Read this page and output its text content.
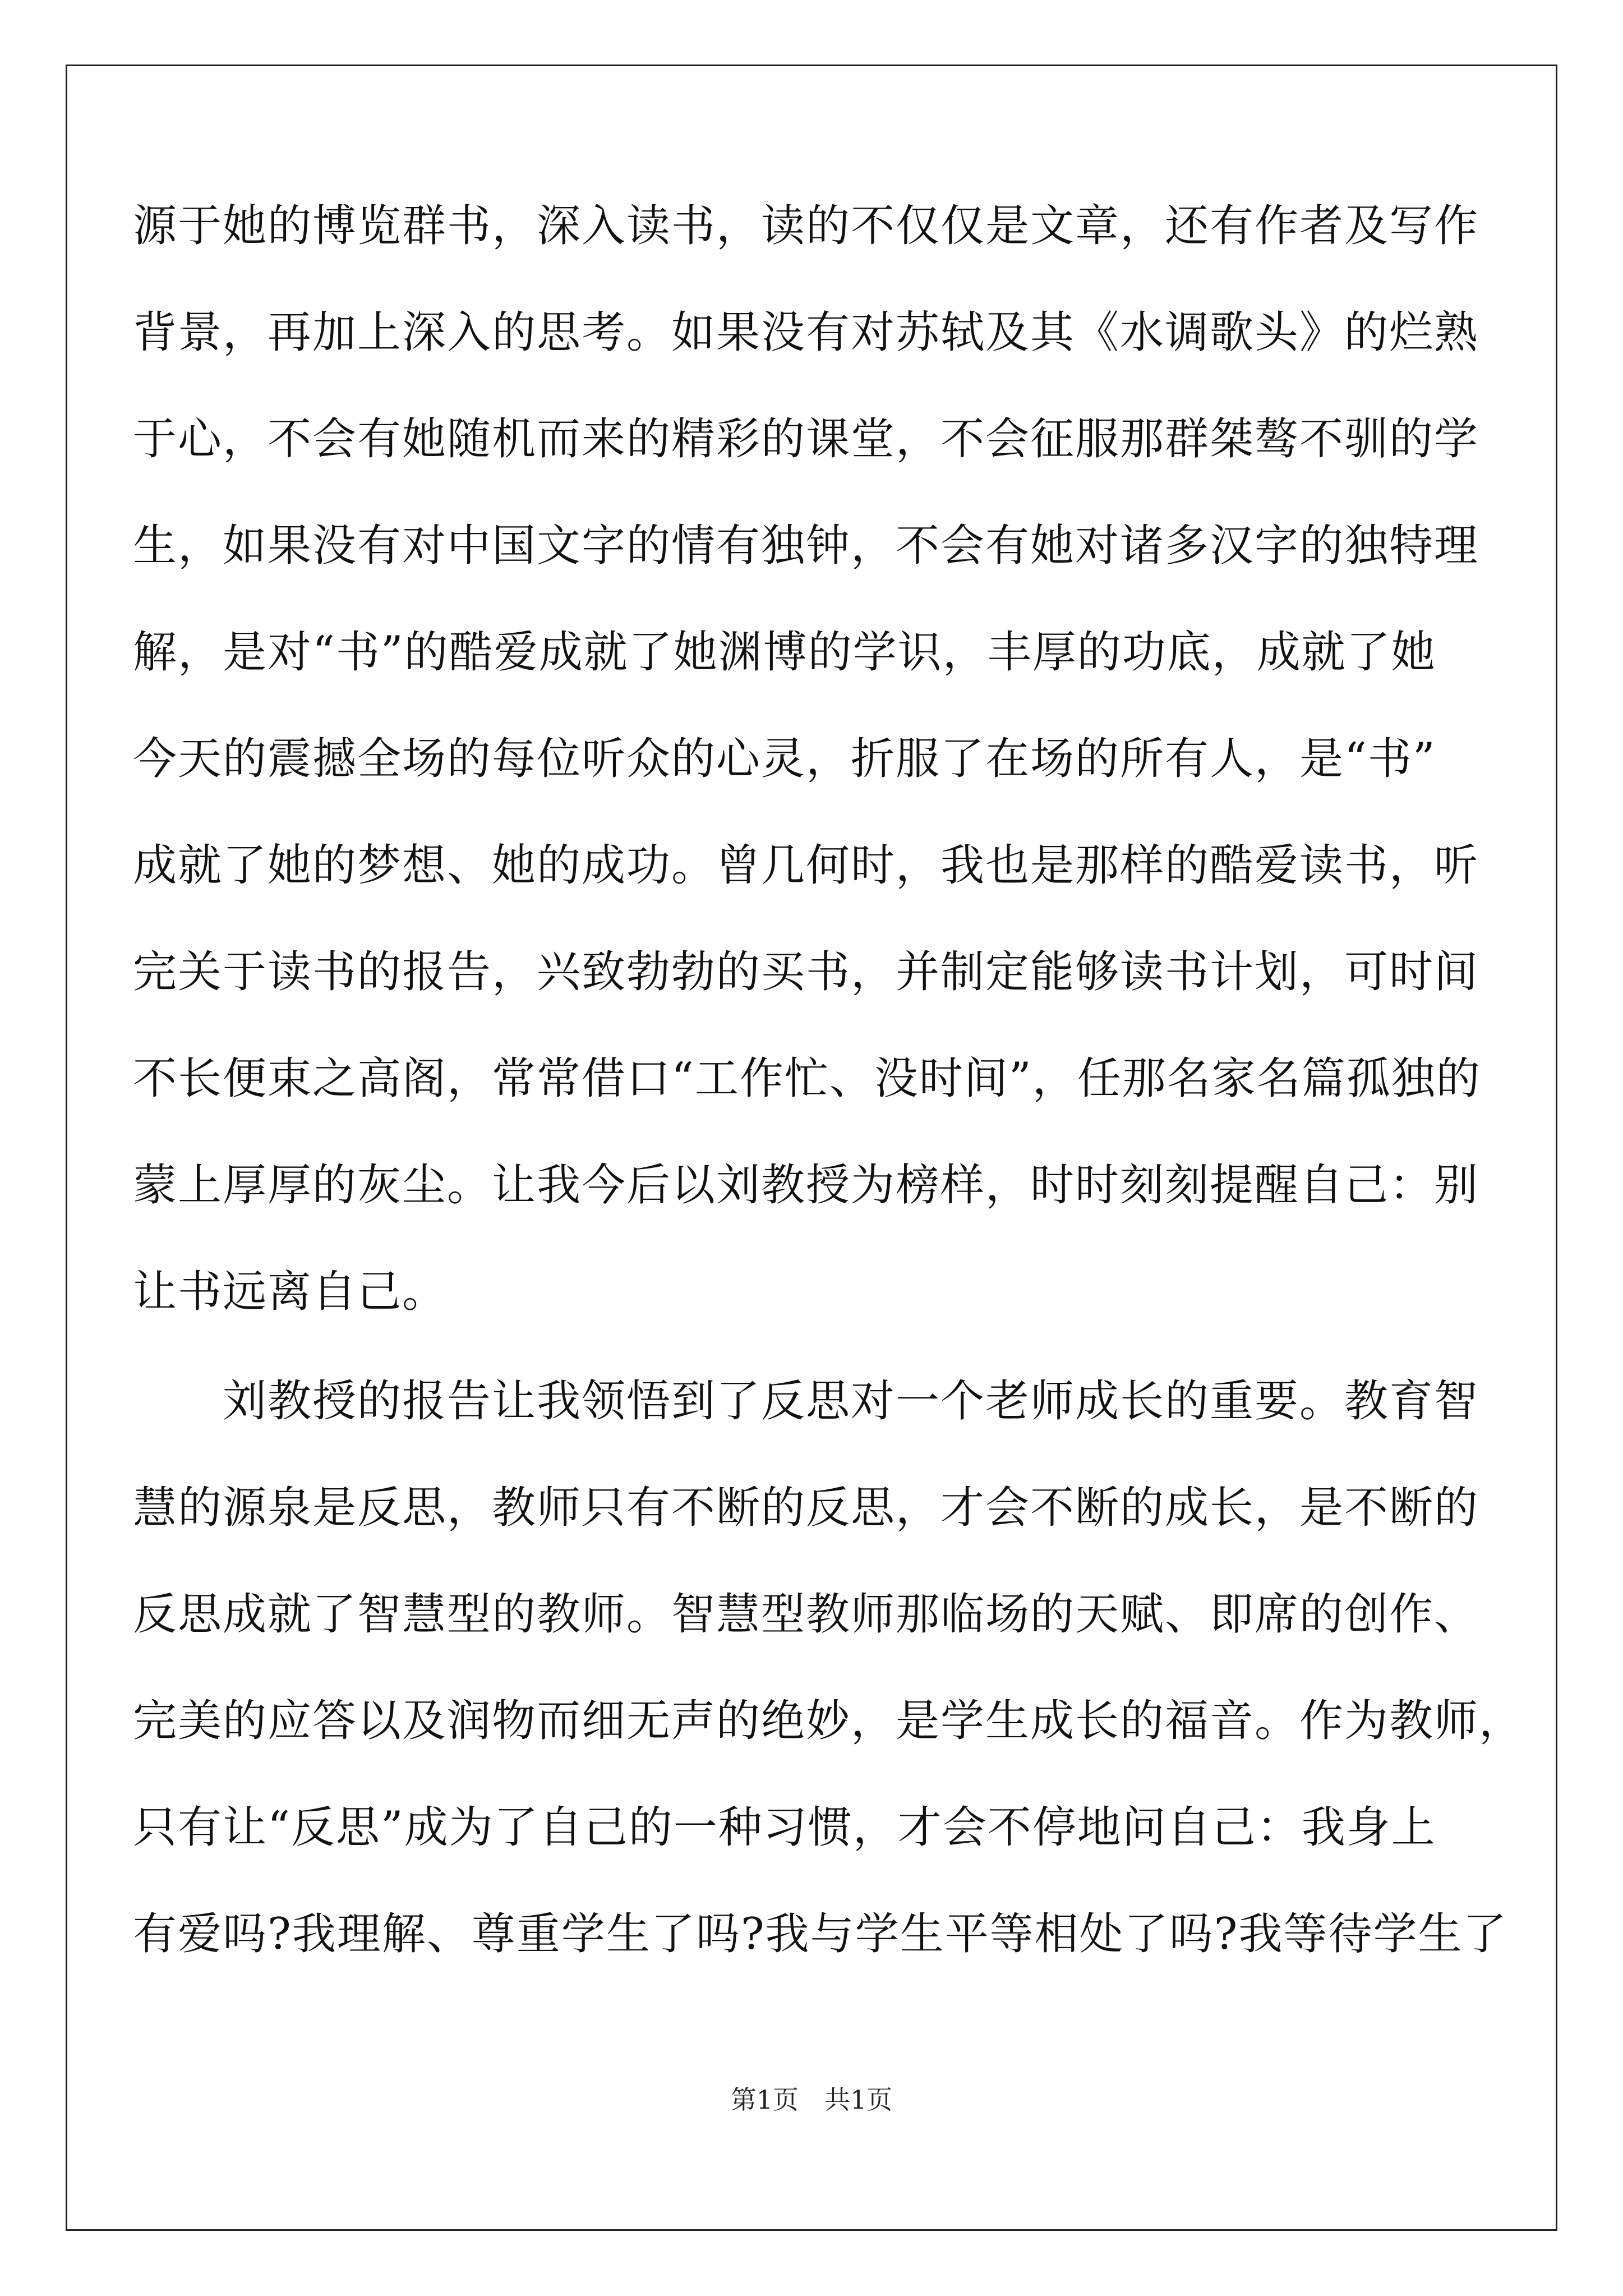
源于她的博览群书，深入读书，读的不仅仅是文章，还有作者及写作
背景，再加上深入的思考。如果没有对苏轼及其《水调歌头》的烂熟
于心，不会有她随机而来的精彩的课堂，不会征服那群桀骜不驯的学
生，如果没有对中国文字的情有独钟，不会有她对诸多汉字的独特理
解，是对“书”的酷爱成就了她渊博的学识，丰厚的功底，成就了她
今天的震撼全场的每位听众的心灵，折服了在场的所有人，是“书”
成就了她的梦想、她的成功。曾几何时，我也是那样的酷爱读书，听
完关于读书的报告，兴致勃勃的买书，并制定能够读书计划，可时间
不长便束之高阁，常常借口“工作忙、没时间”，任那名家名篇孤独的
蒙上厚厚的灰尘。让我今后以刘教授为榜样，时时刻刻提醒自己：别
让书远离自己。
刘教授的报告让我领悟到了反思对一个老师成长的重要。教育智
慧的源泉是反思，教师只有不断的反思，才会不断的成长，是不断的
反思成就了智慧型的教师。智慧型教师那临场的天赋、即席的创作、
完美的应答以及润物而细无声的绝妙，是学生成长的福音。作为教师，
只有让“反思”成为了自己的一种习惯，才会不停地问自己：我身上
有爱吗?我理解、尊重学生了吗?我与学生平等相处了吗?我等待学生了
第1页　共1页
